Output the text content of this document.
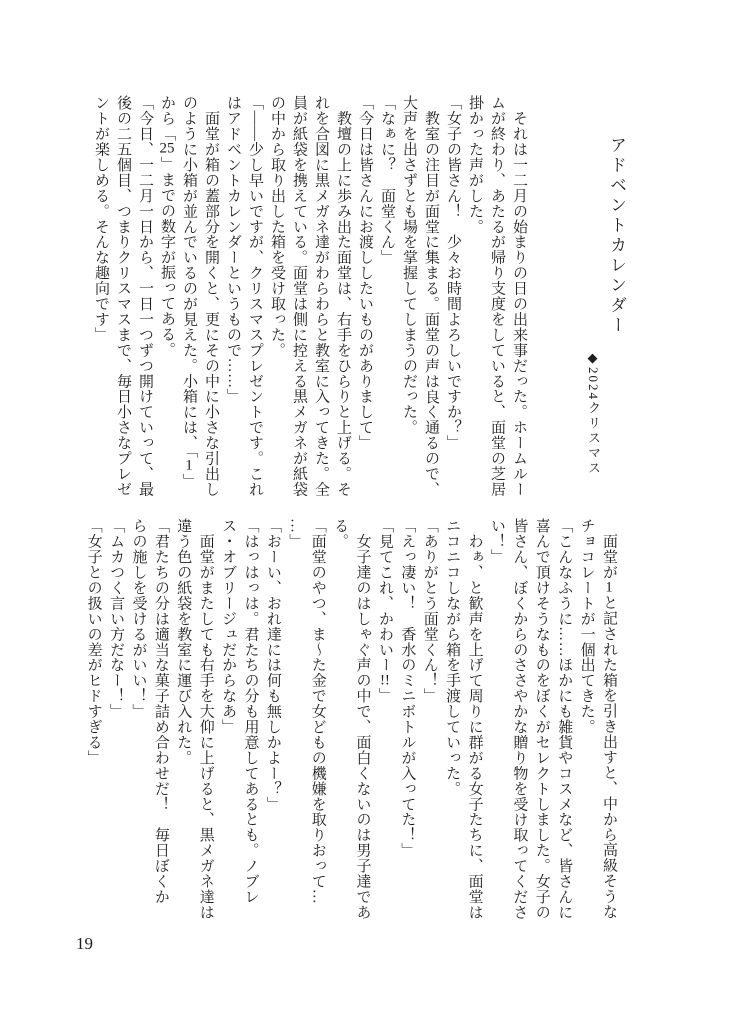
アドベントカレンダー
◆2024クリスマス
　それは一二月の始まりの日の出来事だった。ホームルー
ムが終わり、あたるが帰り支度をしていると、面堂の芝居
掛かった声がした。
「女子の皆さん！　少々お時間よろしいですか？」
　教室の注目が面堂に集まる。面堂の声は良く通るので、
大声を出さずとも場を掌握してしまうのだった。
「なぁに？　面堂くん」
「今日は皆さんにお渡ししたいものがありまして」
　教壇の上に歩み出た面堂は、右手をひらりと上げる。そ
れを合図に黒メガネ達がわらわらと教室に入ってきた。全
員が紙袋を携えている。面堂は側に控える黒メガネが紙袋
の中から取り出した箱を受け取った。
「――少し早いですが、クリスマスプレゼントです。これ
はアドベントカレンダーというもので……」
　面堂が箱の蓋部分を開くと、更にその中に小さな引出し
のように小箱が並んでいるのが見えた。小箱には、「1」
から「25」までの数字が振ってある。
「今日、一二月一日から、一日一つずつ開けていって、最
後の二五個目、つまりクリスマスまで、毎日小さなプレゼ
ントが楽しめる。そんな趣向です」
　面堂が1と記された箱を引き出すと、中から高級そうな
チョコレートが一個出てきた。
「こんなふうに……ほかにも雑貨やコスメなど、皆さんに
喜んで頂けそうなものをぼくがセレクトしました。女子の
皆さん、ぼくからのささやかな贈り物を受け取ってくださ
い！」
　わぁ、と歓声を上げて周りに群がる女子たちに、面堂は
ニコニコしながら箱を手渡していった。
「ありがとう面堂くん！」
「えっ凄い！　香水のミニボトルが入ってた！」
「見てこれ、かわいー!!」
　女子達のはしゃぐ声の中で、面白くないのは男子達であ
る。
「面堂のやつ、ま〜た金で女どもの機嫌を取りおって…
…」
「おーい、おれ達には何も無しかよー？」
「はっはっは。君たちの分も用意してあるとも。ノブレ
ス・オブリージュだからなあ」
　面堂がまたしても右手を大仰に上げると、黒メガネ達は
違う色の紙袋を教室に運び入れた。
「君たちの分は適当な菓子詰め合わせだ！　毎日ぼくか
らの施しを受けるがいい！」
「ムカつく言い方だなー！」
「女子との扱いの差がヒドすぎる」
19
